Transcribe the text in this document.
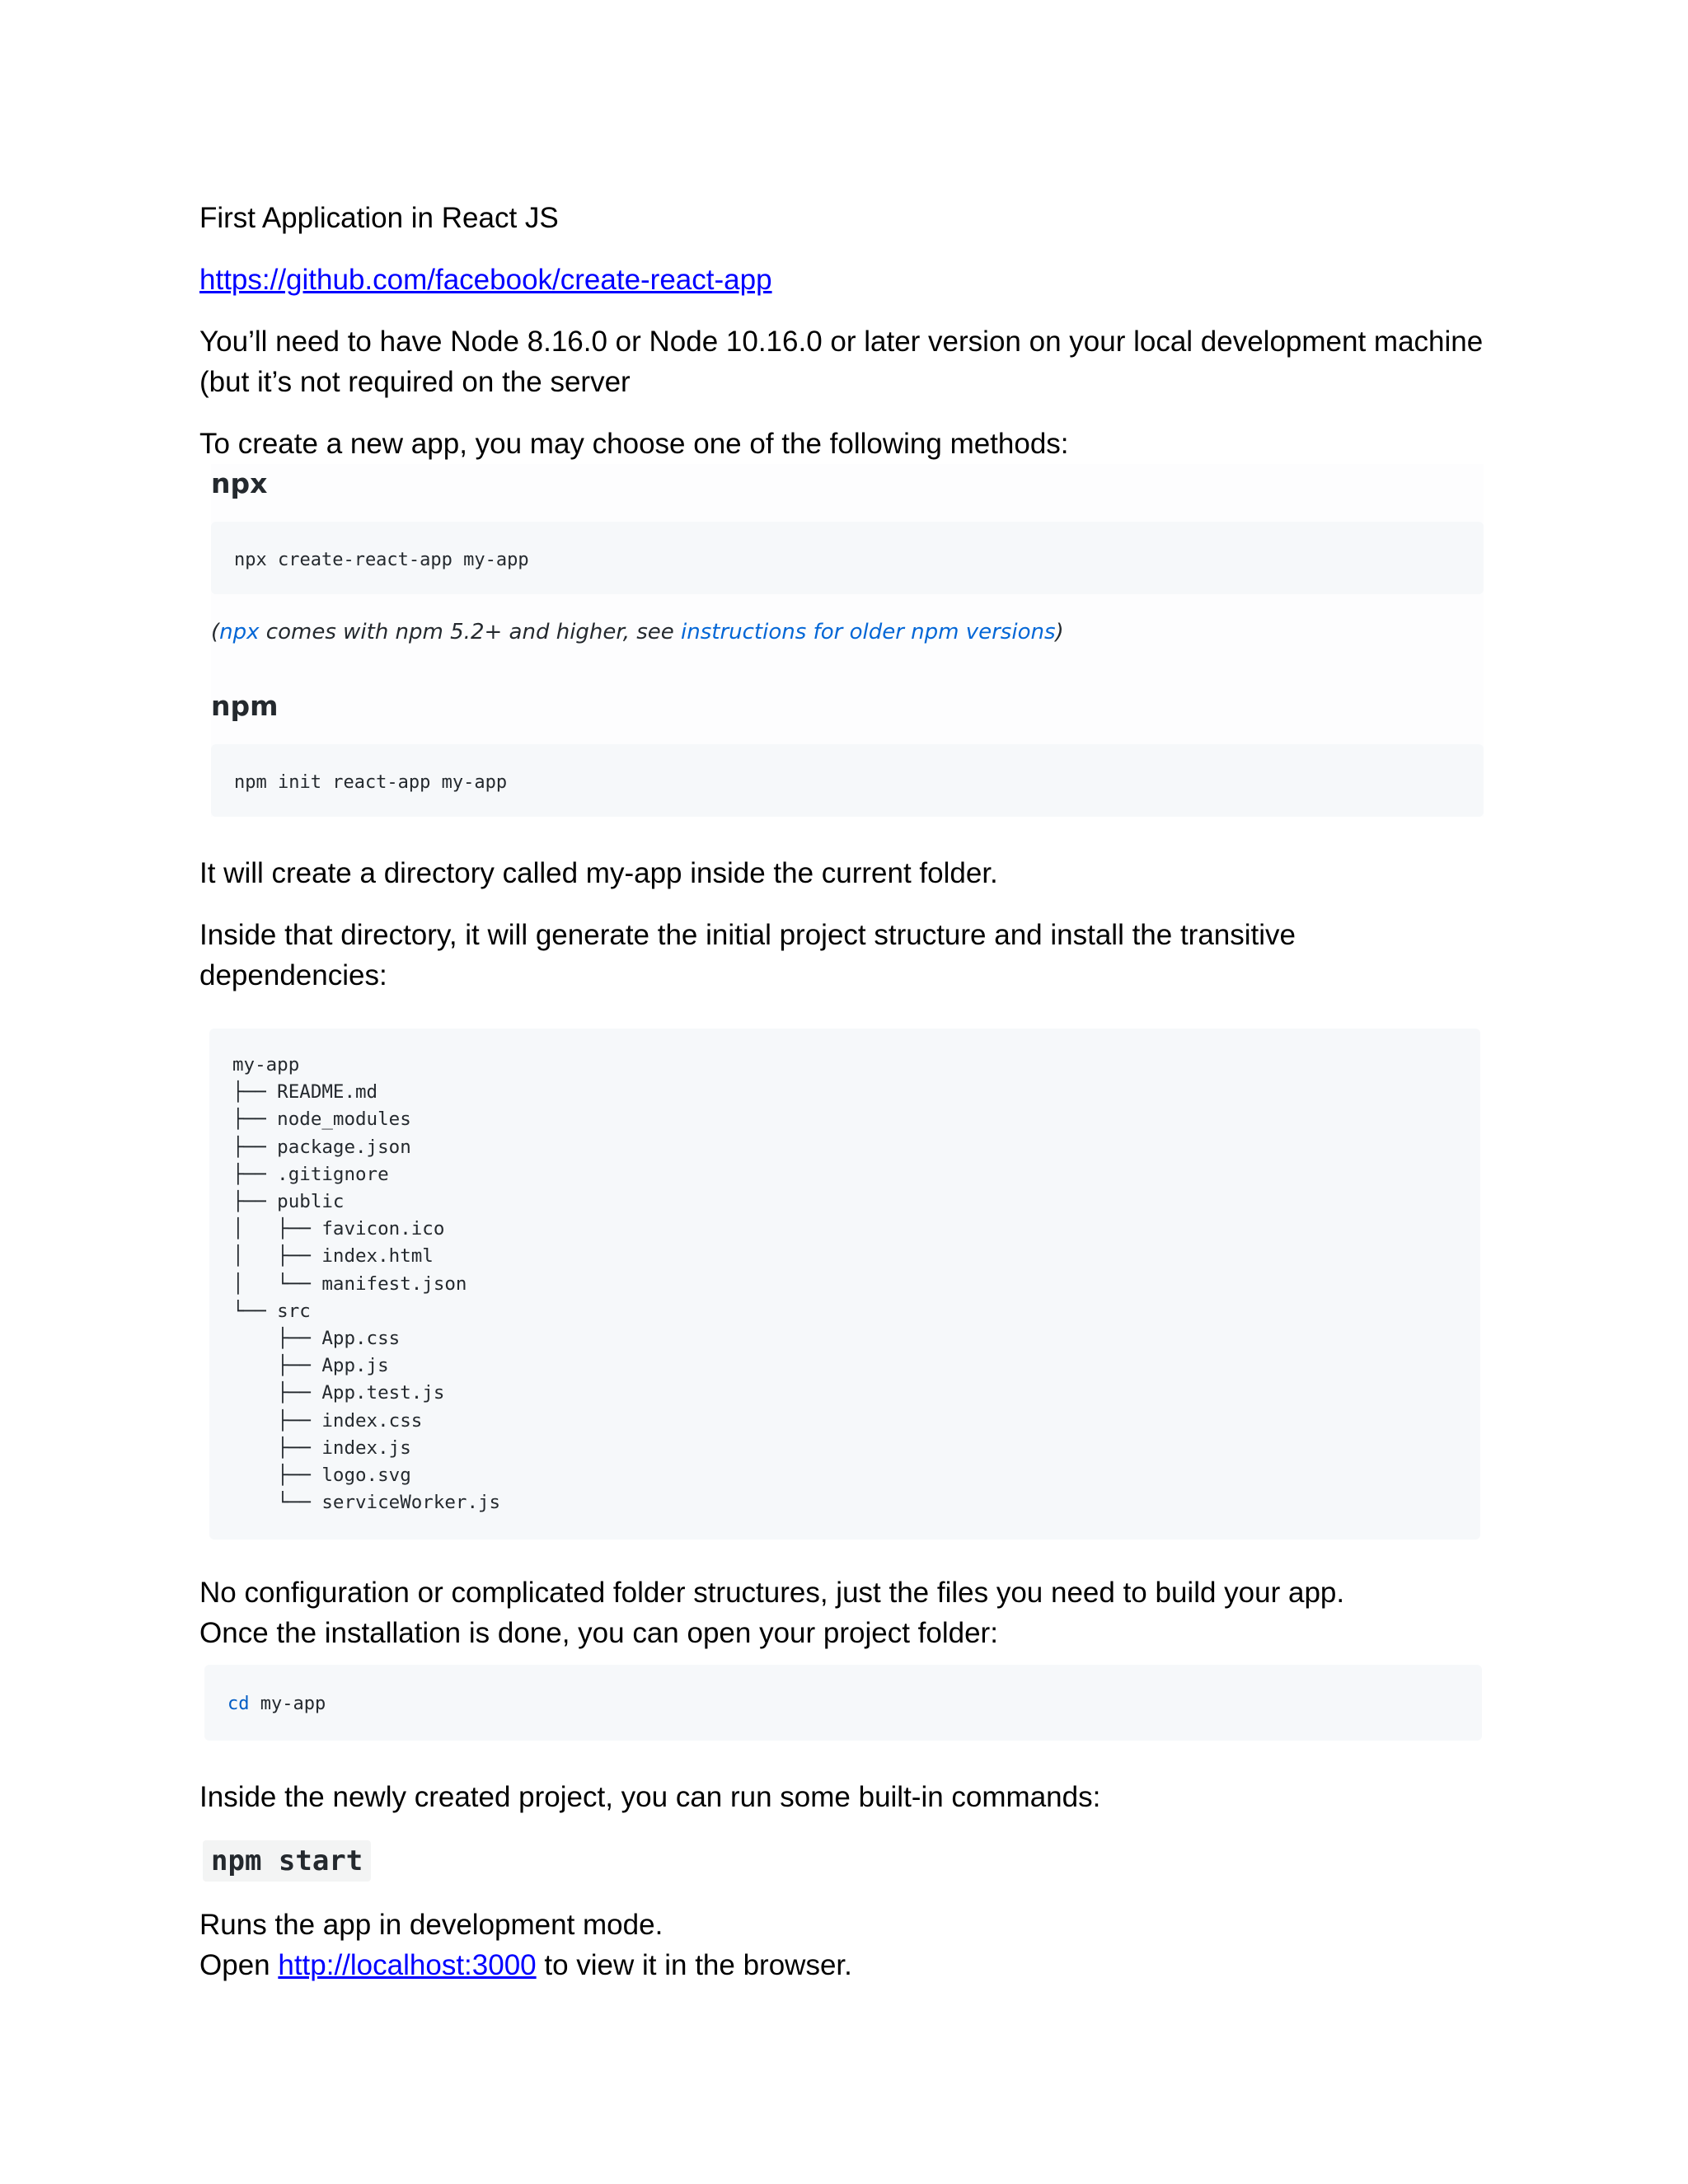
First Application in React JS

https://github.com/facebook/create-react-app

You’ll need to have Node 8.16.0 or Node 10.16.0 or later version on your local development machine
(but it’s not required on the server

To create a new app, you may choose one of the following methods:

npx
npx create-react-app my-app

(npx comes with npm 5.2+ and higher, see instructions for older npm versions)

npm
npm init react-app my-app

It will create a directory called my-app inside the current folder.

Inside that directory, it will generate the initial project structure and install the transitive dependencies:

my-app
├── README.md
├── node_modules
├── package.json
├── .gitignore
├── public
│   ├── favicon.ico
│   ├── index.html
│   └── manifest.json
└── src
├── App.css
├── App.js
├── App.test.js
├── index.css
├── index.js
├── logo.svg
└── serviceWorker.js

No configuration or complicated folder structures, just the files you need to build your app.
Once the installation is done, you can open your project folder:

cd my-app

Inside the newly created project, you can run some built-in commands:

npm start

Runs the app in development mode.
Open http://localhost:3000 to view it in the browser.
